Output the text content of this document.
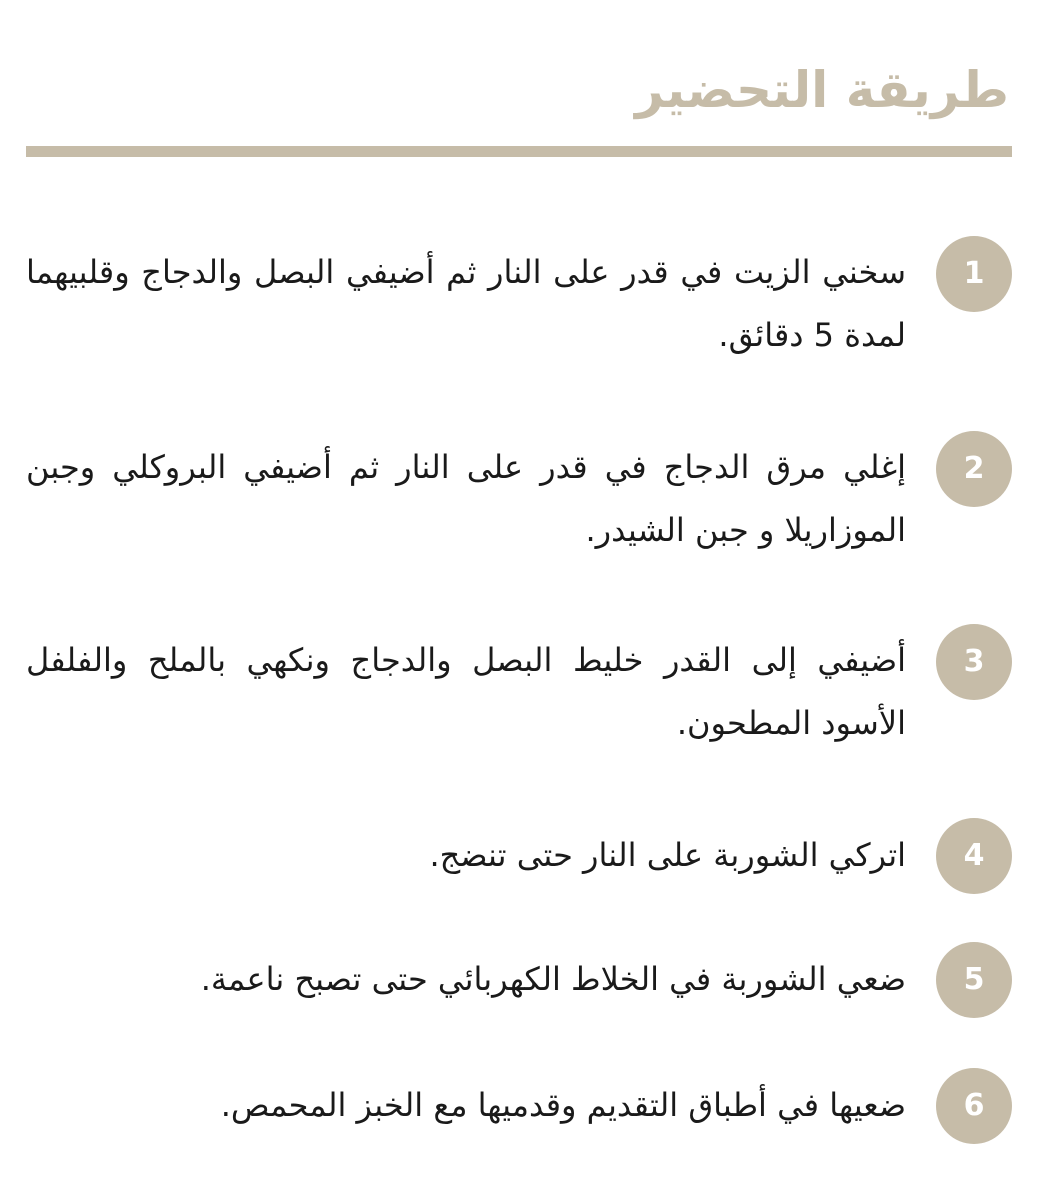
طريقة التحضير
1

سخني الزيت في قدر على النار ثم أضيفي البصل والدجاج وقلبيهما لمدة 5 دقائق.

2

إغلي مرق الدجاج في قدر على النار ثم أضيفي البروكلي وجبن الموزاريلا و جبن الشيدر.

3

أضيفي إلى القدر خليط البصل والدجاج ونكهي بالملح والفلفل الأسود المطحون.

4

اتركي الشوربة على النار حتى تنضج.

5

ضعي الشوربة في الخلاط الكهربائي حتى تصبح ناعمة.

6

ضعيها في أطباق التقديم وقدميها مع الخبز المحمص.
